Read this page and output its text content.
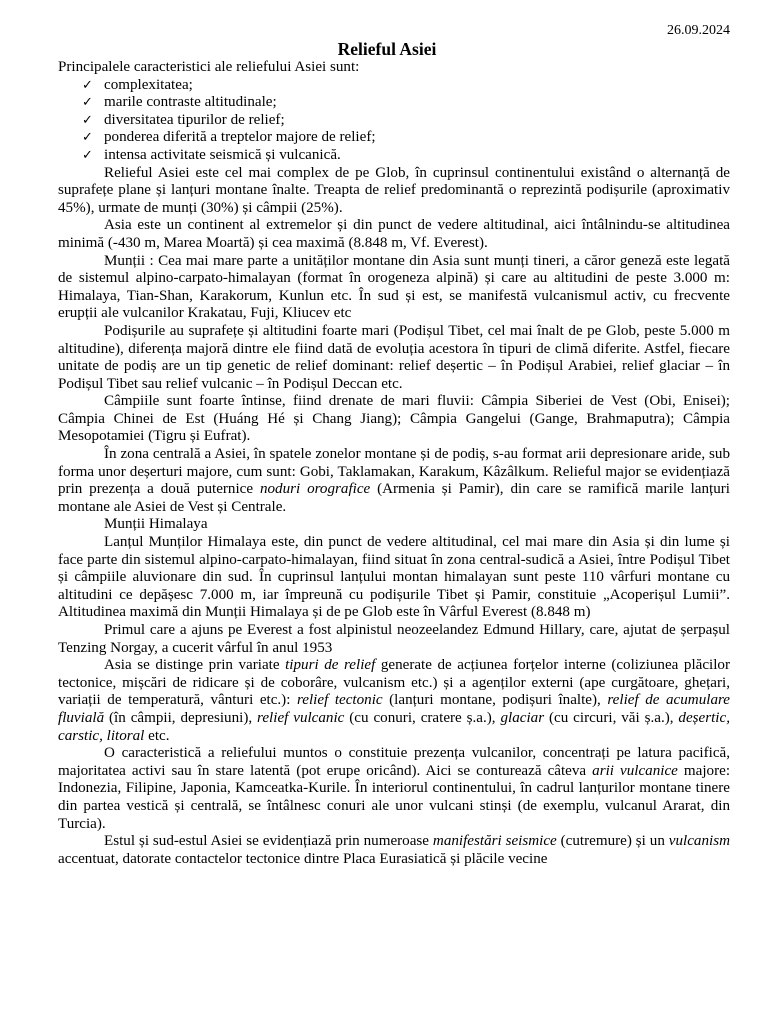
26.09.2024
Relieful Asiei

Principalele caracteristici ale reliefului Asiei sunt:

✓ complexitatea;
✓ marile contraste altitudinale;
✓ diversitatea tipurilor de relief;
✓ ponderea diferită a treptelor majore de relief;
✓ intensa activitate seismică și vulcanică.

Relieful Asiei este cel mai complex de pe Glob, în cuprinsul continentului existând o alternanță de suprafețe plane și lanțuri montane înalte. Treapta de relief predominantă o reprezintă podișurile (aproximativ 45%), urmate de munți (30%) și câmpii (25%).

Asia este un continent al extremelor și din punct de vedere altitudinal, aici întâlnindu-se altitudinea minimă (-430 m, Marea Moartă) și cea maximă (8.848 m, Vf. Everest).

Munții : Cea mai mare parte a unităților montane din Asia sunt munți tineri, a căror geneză este legată de sistemul alpino-carpato-himalayan (format în orogeneza alpină) și care au altitudini de peste 3.000 m: Himalaya, Tian-Shan, Karakorum, Kunlun etc. În sud și est, se manifestă vulcanismul activ, cu frecvente erupții ale vulcanilor Krakatau, Fuji, Kliucev etc

Podișurile au suprafețe și altitudini foarte mari (Podișul Tibet, cel mai înalt de pe Glob, peste 5.000 m altitudine), diferența majoră dintre ele fiind dată de evoluția acestora în tipuri de climă diferite. Astfel, fiecare unitate de podiș are un tip genetic de relief dominant: relief deșertic – în Podișul Arabiei, relief glaciar – în Podișul Tibet sau relief vulcanic – în Podișul Deccan etc.

Câmpiile sunt foarte întinse, fiind drenate de mari fluvii: Câmpia Siberiei de Vest (Obi, Enisei); Câmpia Chinei de Est (Huáng Hé și Chang Jiang); Câmpia Gangelui (Gange, Brahmaputra); Câmpia Mesopotamiei (Tigru și Eufrat).

În zona centrală a Asiei, în spatele zonelor montane și de podiș, s-au format arii depresionare aride, sub forma unor deșerturi majore, cum sunt: Gobi, Taklamakan, Karakum, Kâzâlkum. Relieful major se evidențiază prin prezența a două puternice noduri orografice (Armenia și Pamir), din care se ramifică marile lanțuri montane ale Asiei de Vest și Centrale.

Munții Himalaya

Lanțul Munților Himalaya este, din punct de vedere altitudinal, cel mai mare din Asia și din lume și face parte din sistemul alpino-carpato-himalayan, fiind situat în zona central-sudică a Asiei, între Podișul Tibet și câmpiile aluvionare din sud. În cuprinsul lanțului montan himalayan sunt peste 110 vârfuri montane cu altitudini ce depășesc 7.000 m, iar împreună cu podișurile Tibet și Pamir, constituie „Acoperișul Lumii”. Altitudinea maximă din Munții Himalaya și de pe Glob este în Vârful Everest (8.848 m)

Primul care a ajuns pe Everest a fost alpinistul neozeelandez Edmund Hillary, care, ajutat de șerpașul Tenzing Norgay, a cucerit vârful în anul 1953

Asia se distinge prin variate tipuri de relief generate de acțiunea forțelor interne (coliziunea plăcilor tectonice, mișcări de ridicare și de coborâre, vulcanism etc.) și a agenților externi (ape curgătoare, ghețari, variații de temperatură, vânturi etc.): relief tectonic (lanțuri montane, podișuri înalte), relief de acumulare fluvială (în câmpii, depresiuni), relief vulcanic (cu conuri, cratere ș.a.), glaciar (cu circuri, văi ș.a.), deșertic, carstic, litoral etc.

O caracteristică a reliefului muntos o constituie prezența vulcanilor, concentrați pe latura pacifică, majoritatea activi sau în stare latentă (pot erupe oricând). Aici se conturează câteva arii vulcanice majore: Indonezia, Filipine, Japonia, Kamceatka-Kurile. În interiorul continentului, în cadrul lanțurilor montane tinere din partea vestică și centrală, se întâlnesc conuri ale unor vulcani stinși (de exemplu, vulcanul Ararat, din Turcia).

Estul și sud-estul Asiei se evidențiază prin numeroase manifestări seismice (cutremure) și un vulcanism accentuat, datorate contactelor tectonice dintre Placa Eurasiatică și plăcile vecine
